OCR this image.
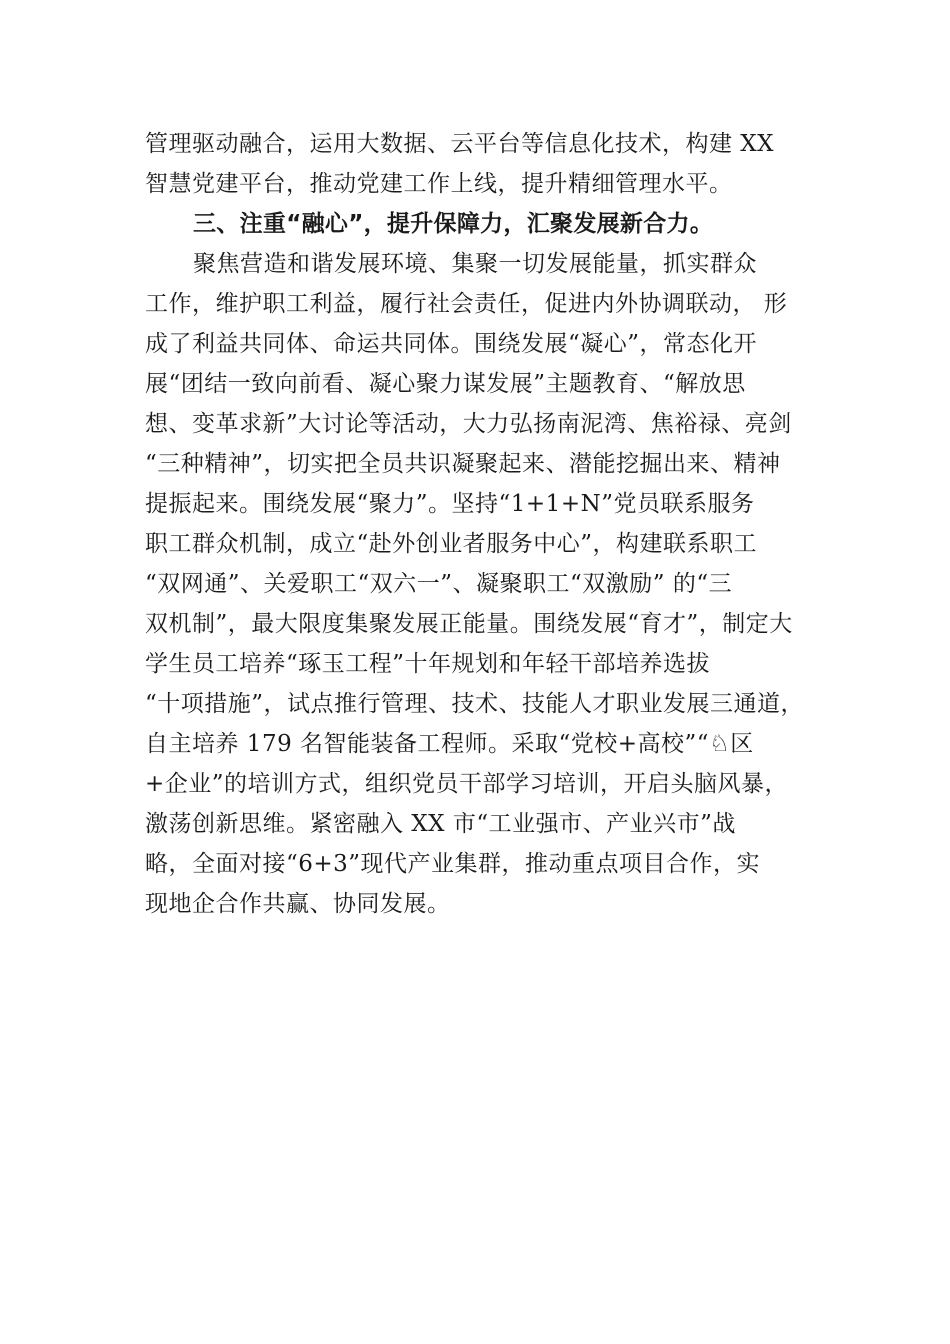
管理驱动融合，运用大数据、云平台等信息化技术，构建 XX
智慧党建平台，推动党建工作上线，提升精细管理水平。
三、注重“融心”，提升保障力，汇聚发展新合力。
聚焦营造和谐发展环境、集聚一切发展能量，抓实群众
工作，维护职工利益，履行社会责任，促进内外协调联动， 形
成了利益共同体、命运共同体。围绕发展“凝心”，常态化开
展“团结一致向前看、凝心聚力谋发展”主题教育、“解放思
想、变革求新”大讨论等活动，大力弘扬南泥湾、焦裕禄、亮剑
“三种精神”，切实把全员共识凝聚起来、潜能挖掘出来、精神
提振起来。围绕发展“聚力”。坚持“1+1+N”党员联系服务
职工群众机制，成立“赴外创业者服务中心”，构建联系职工
“双网通”、关爱职工“双六一”、凝聚职工“双激励” 的“三
双机制”，最大限度集聚发展正能量。围绕发展“育才”，制定大
学生员工培养“琢玉工程”十年规划和年轻干部培养选拔
“十项措施”，试点推行管理、技术、技能人才职业发展三通道，
自主培养 179 名智能装备工程师。采取“党校+高校”“♘区
+企业”的培训方式，组织党员干部学习培训，开启头脑风暴，
激荡创新思维。紧密融入 XX 市“工业强市、产业兴市”战
略，全面对接“6+3”现代产业集群，推动重点项目合作，实
现地企合作共赢、协同发展。
